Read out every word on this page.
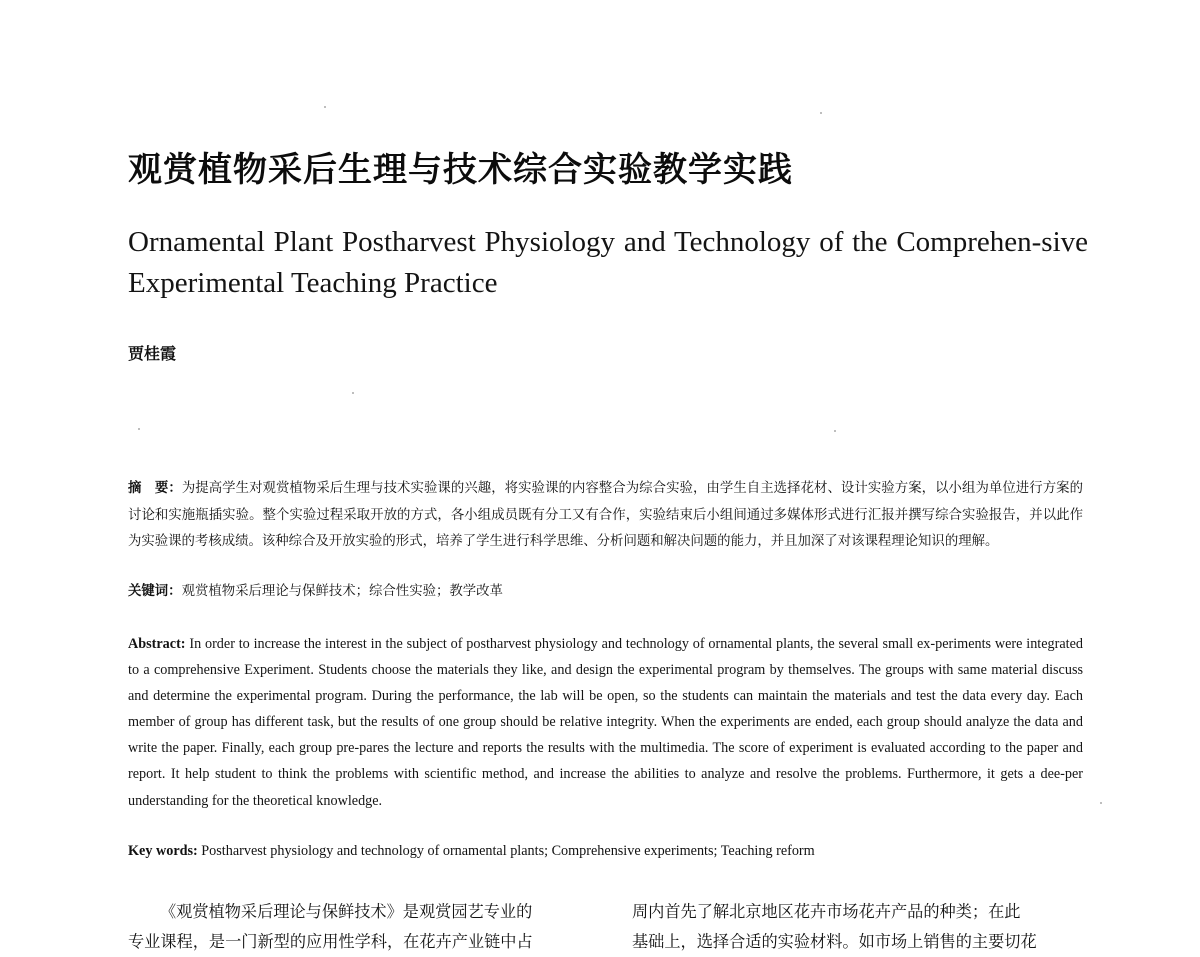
观赏植物采后生理与技术综合实验教学实践
Ornamental Plant Postharvest Physiology and Technology of the Comprehen-sive Experimental Teaching Practice
贾桂霞
摘　要：为提高学生对观赏植物采后生理与技术实验课的兴趣，将实验课的内容整合为综合实验，由学生自主选择花材、设计实验方案，以小组为单位进行方案的讨论和实施瓶插实验。整个实验过程采取开放的方式，各小组成员既有分工又有合作，实验结束后小组间通过多媒体形式进行汇报并撰写综合实验报告，并以此作为实验课的考核成绩。该种综合及开放实验的形式，培养了学生进行科学思维、分析问题和解决问题的能力，并且加深了对该课程理论知识的理解。
关键词：观赏植物采后理论与保鲜技术；综合性实验；教学改革
Abstract: In order to increase the interest in the subject of postharvest physiology and technology of ornamental plants, the several small ex-periments were integrated to a comprehensive Experiment. Students choose the materials they like, and design the experimental program by themselves. The groups with same material discuss and determine the experimental program. During the performance, the lab will be open, so the students can maintain the materials and test the data every day. Each member of group has different task, but the results of one group should be relative integrity. When the experiments are ended, each group should analyze the data and write the paper. Finally, each group pre-pares the lecture and reports the results with the multimedia. The score of experiment is evaluated according to the paper and report. It help student to think the problems with scientific method, and increase the abilities to analyze and resolve the problems. Furthermore, it gets a dee-per understanding for the theoretical knowledge.
Key words: Postharvest physiology and technology of ornamental plants; Comprehensive experiments; Teaching reform
《观赏植物采后理论与保鲜技术》是观赏园艺专业的
专业课程，是一门新型的应用性学科，在花卉产业链中占
周内首先了解北京地区花卉市场花卉产品的种类；在此
基础上，选择合适的实验材料。如市场上销售的主要切花
